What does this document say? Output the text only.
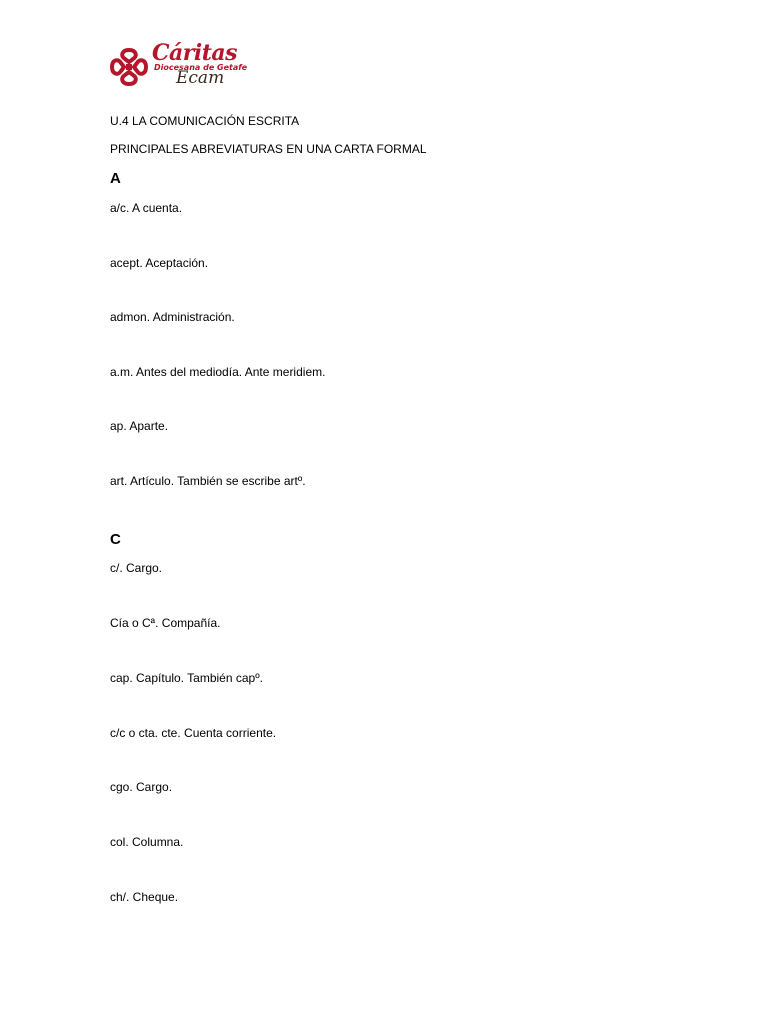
Cáritas
Diocesana de Getafe
Ecam
U.4 LA COMUNICACIÓN ESCRITA
PRINCIPALES ABREVIATURAS EN UNA CARTA FORMAL
A
a/c. A cuenta.
acept. Aceptación.
admon. Administración.
a.m. Antes del mediodía. Ante meridiem.
ap. Aparte.
art. Artículo. También se escribe artº.
C
c/. Cargo.
Cía o Cª. Compañía.
cap. Capítulo. También capº.
c/c o cta. cte. Cuenta corriente.
cgo. Cargo.
col. Columna.
ch/. Cheque.
